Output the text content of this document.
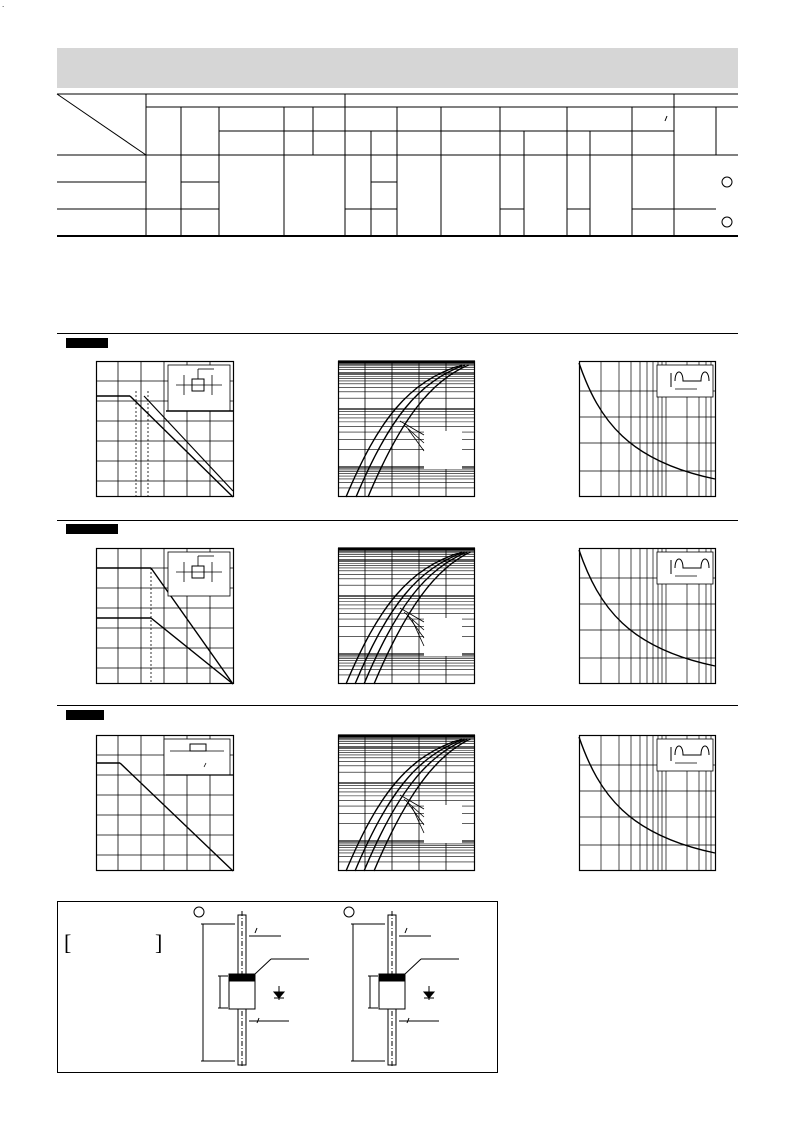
.
[	]
